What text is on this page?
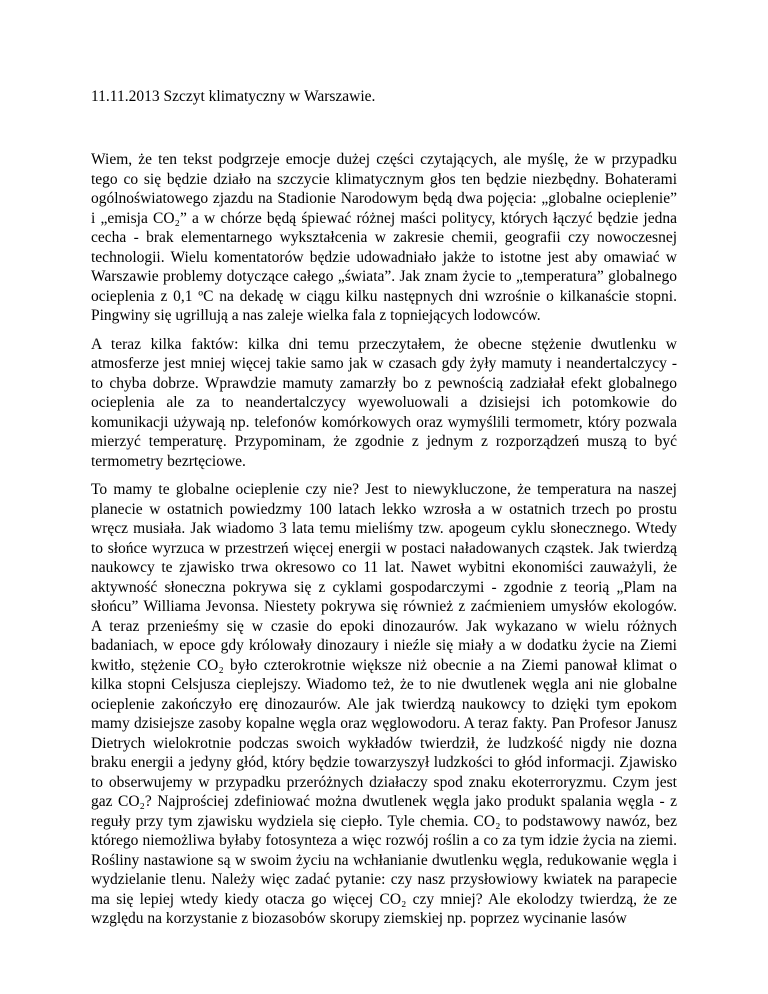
11.11.2013 Szczyt klimatyczny w Warszawie.
Wiem, że ten tekst podgrzeje emocje dużej części czytających, ale myślę, że w przypadku
tego co się będzie działo na szczycie klimatycznym głos ten będzie niezbędny. Bohaterami
ogólnoświatowego zjazdu na Stadionie Narodowym będą dwa pojęcia: „globalne ocieplenie”
i „emisja CO₂” a w chórze będą śpiewać różnej maści politycy, których łączyć będzie jedna
cecha - brak elementarnego wykształcenia w zakresie chemii, geografii czy nowoczesnej
technologii. Wielu komentatorów będzie udowadniało jakże to istotne jest aby omawiać w
Warszawie problemy dotyczące całego „świata”. Jak znam życie to „temperatura” globalnego
ocieplenia z 0,1 ºC na dekadę w ciągu kilku następnych dni wzrośnie o kilkanaście stopni.
Pingwiny się ugrillują a nas zaleje wielka fala z topniejących lodowców.
A teraz kilka faktów: kilka dni temu przeczytałem, że obecne stężenie dwutlenku w
atmosferze jest mniej więcej takie samo jak w czasach gdy żyły mamuty i neandertalczycy -
to chyba dobrze. Wprawdzie mamuty zamarzły bo z pewnością zadziałał efekt globalnego
ocieplenia ale za to neandertalczycy wyewoluowali a dzisiejsi ich potomkowie do
komunikacji używają np. telefonów komórkowych oraz wymyślili termometr, który pozwala
mierzyć temperaturę. Przypominam, że zgodnie z jednym z rozporządzeń muszą to być
termometry bezrtęciowe.
To mamy te globalne ocieplenie czy nie? Jest to niewykluczone, że temperatura na naszej
planecie w ostatnich powiedzmy 100 latach lekko wzrosła a w ostatnich trzech po prostu
wręcz musiała. Jak wiadomo 3 lata temu mieliśmy tzw. apogeum cyklu słonecznego. Wtedy
to słońce wyrzuca w przestrzeń więcej energii w postaci naładowanych cząstek. Jak twierdzą
naukowcy te zjawisko trwa okresowo co 11 lat. Nawet wybitni ekonomiści zauważyli, że
aktywność słoneczna pokrywa się z cyklami gospodarczymi - zgodnie z teorią „Plam na
słońcu” Williama Jevonsa. Niestety pokrywa się również z zaćmieniem umysłów ekologów.
A teraz przenieśmy się w czasie do epoki dinozaurów. Jak wykazano w wielu różnych
badaniach, w epoce gdy królowały dinozaury i nieźle się miały a w dodatku życie na Ziemi
kwitło, stężenie CO₂ było czterokrotnie większe niż obecnie a na Ziemi panował klimat o
kilka stopni Celsjusza cieplejszy. Wiadomo też, że to nie dwutlenek węgla ani nie globalne
ocieplenie zakończyło erę dinozaurów. Ale jak twierdzą naukowcy to dzięki tym epokom
mamy dzisiejsze zasoby kopalne węgla oraz węglowodoru. A teraz fakty. Pan Profesor Janusz
Dietrych wielokrotnie podczas swoich wykładów twierdził, że ludzkość nigdy nie dozna
braku energii a jedyny głód, który będzie towarzyszył ludzkości to głód informacji. Zjawisko
to obserwujemy w przypadku przeróżnych działaczy spod znaku ekoterroryzmu. Czym jest
gaz CO₂? Najprościej zdefiniować można dwutlenek węgla jako produkt spalania węgla - z
reguły przy tym zjawisku wydziela się ciepło. Tyle chemia. CO₂ to podstawowy nawóz, bez
którego niemożliwa byłaby fotosynteza a więc rozwój roślin a co za tym idzie życia na ziemi.
Rośliny nastawione są w swoim życiu na wchłanianie dwutlenku węgla, redukowanie węgla i
wydzielanie tlenu. Należy więc zadać pytanie: czy nasz przysłowiowy kwiatek na parapecie
ma się lepiej wtedy kiedy otacza go więcej CO₂ czy mniej? Ale ekolodzy twierdzą, że ze
względu na korzystanie z biozasobów skorupy ziemskiej np. poprzez wycinanie lasów
